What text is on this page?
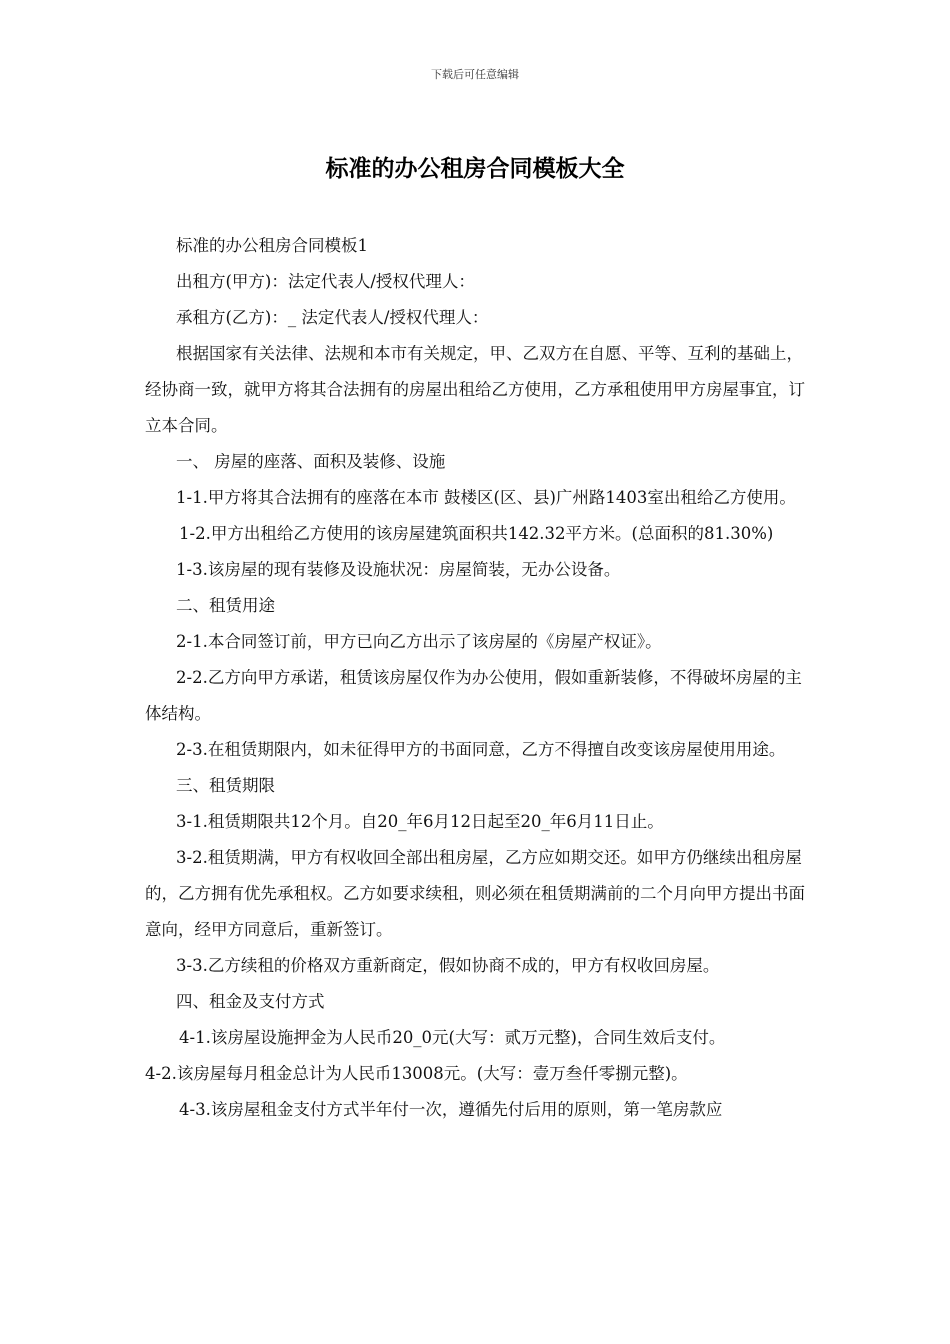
下载后可任意编辑
标准的办公租房合同模板大全

标准的办公租房合同模板1

出租方(甲方)：法定代表人/授权代理人：

承租方(乙方)：_ 法定代表人/授权代理人：

根据国家有关法律、法规和本市有关规定，甲、乙双方在自愿、平等、互利的基础上，经协商一致，就甲方将其合法拥有的房屋出租给乙方使用，乙方承租使用甲方房屋事宜，订立本合同。

一、 房屋的座落、面积及装修、设施

1-1.甲方将其合法拥有的座落在本市 鼓楼区(区、县)广州路1403室出租给乙方使用。

1-2.甲方出租给乙方使用的该房屋建筑面积共142.32平方米。(总面积的81.30%)

1-3.该房屋的现有装修及设施状况：房屋简装，无办公设备。

二、租赁用途

2-1.本合同签订前，甲方已向乙方出示了该房屋的《房屋产权证》。

2-2.乙方向甲方承诺，租赁该房屋仅作为办公使用，假如重新装修，不得破坏房屋的主体结构。

2-3.在租赁期限内，如未征得甲方的书面同意，乙方不得擅自改变该房屋使用用途。

三、租赁期限

3-1.租赁期限共12个月。自20_年6月12日起至20_年6月11日止。

3-2.租赁期满，甲方有权收回全部出租房屋，乙方应如期交还。如甲方仍继续出租房屋的，乙方拥有优先承租权。乙方如要求续租，则必须在租赁期满前的二个月向甲方提出书面意向，经甲方同意后，重新签订。

3-3.乙方续租的价格双方重新商定，假如协商不成的，甲方有权收回房屋。

四、租金及支付方式

4-1.该房屋设施押金为人民币20_0元(大写：贰万元整)，合同生效后支付。

4-2.该房屋每月租金总计为人民币13008元。(大写：壹万叁仟零捌元整)。

4-3.该房屋租金支付方式半年付一次，遵循先付后用的原则，第一笔房款应
